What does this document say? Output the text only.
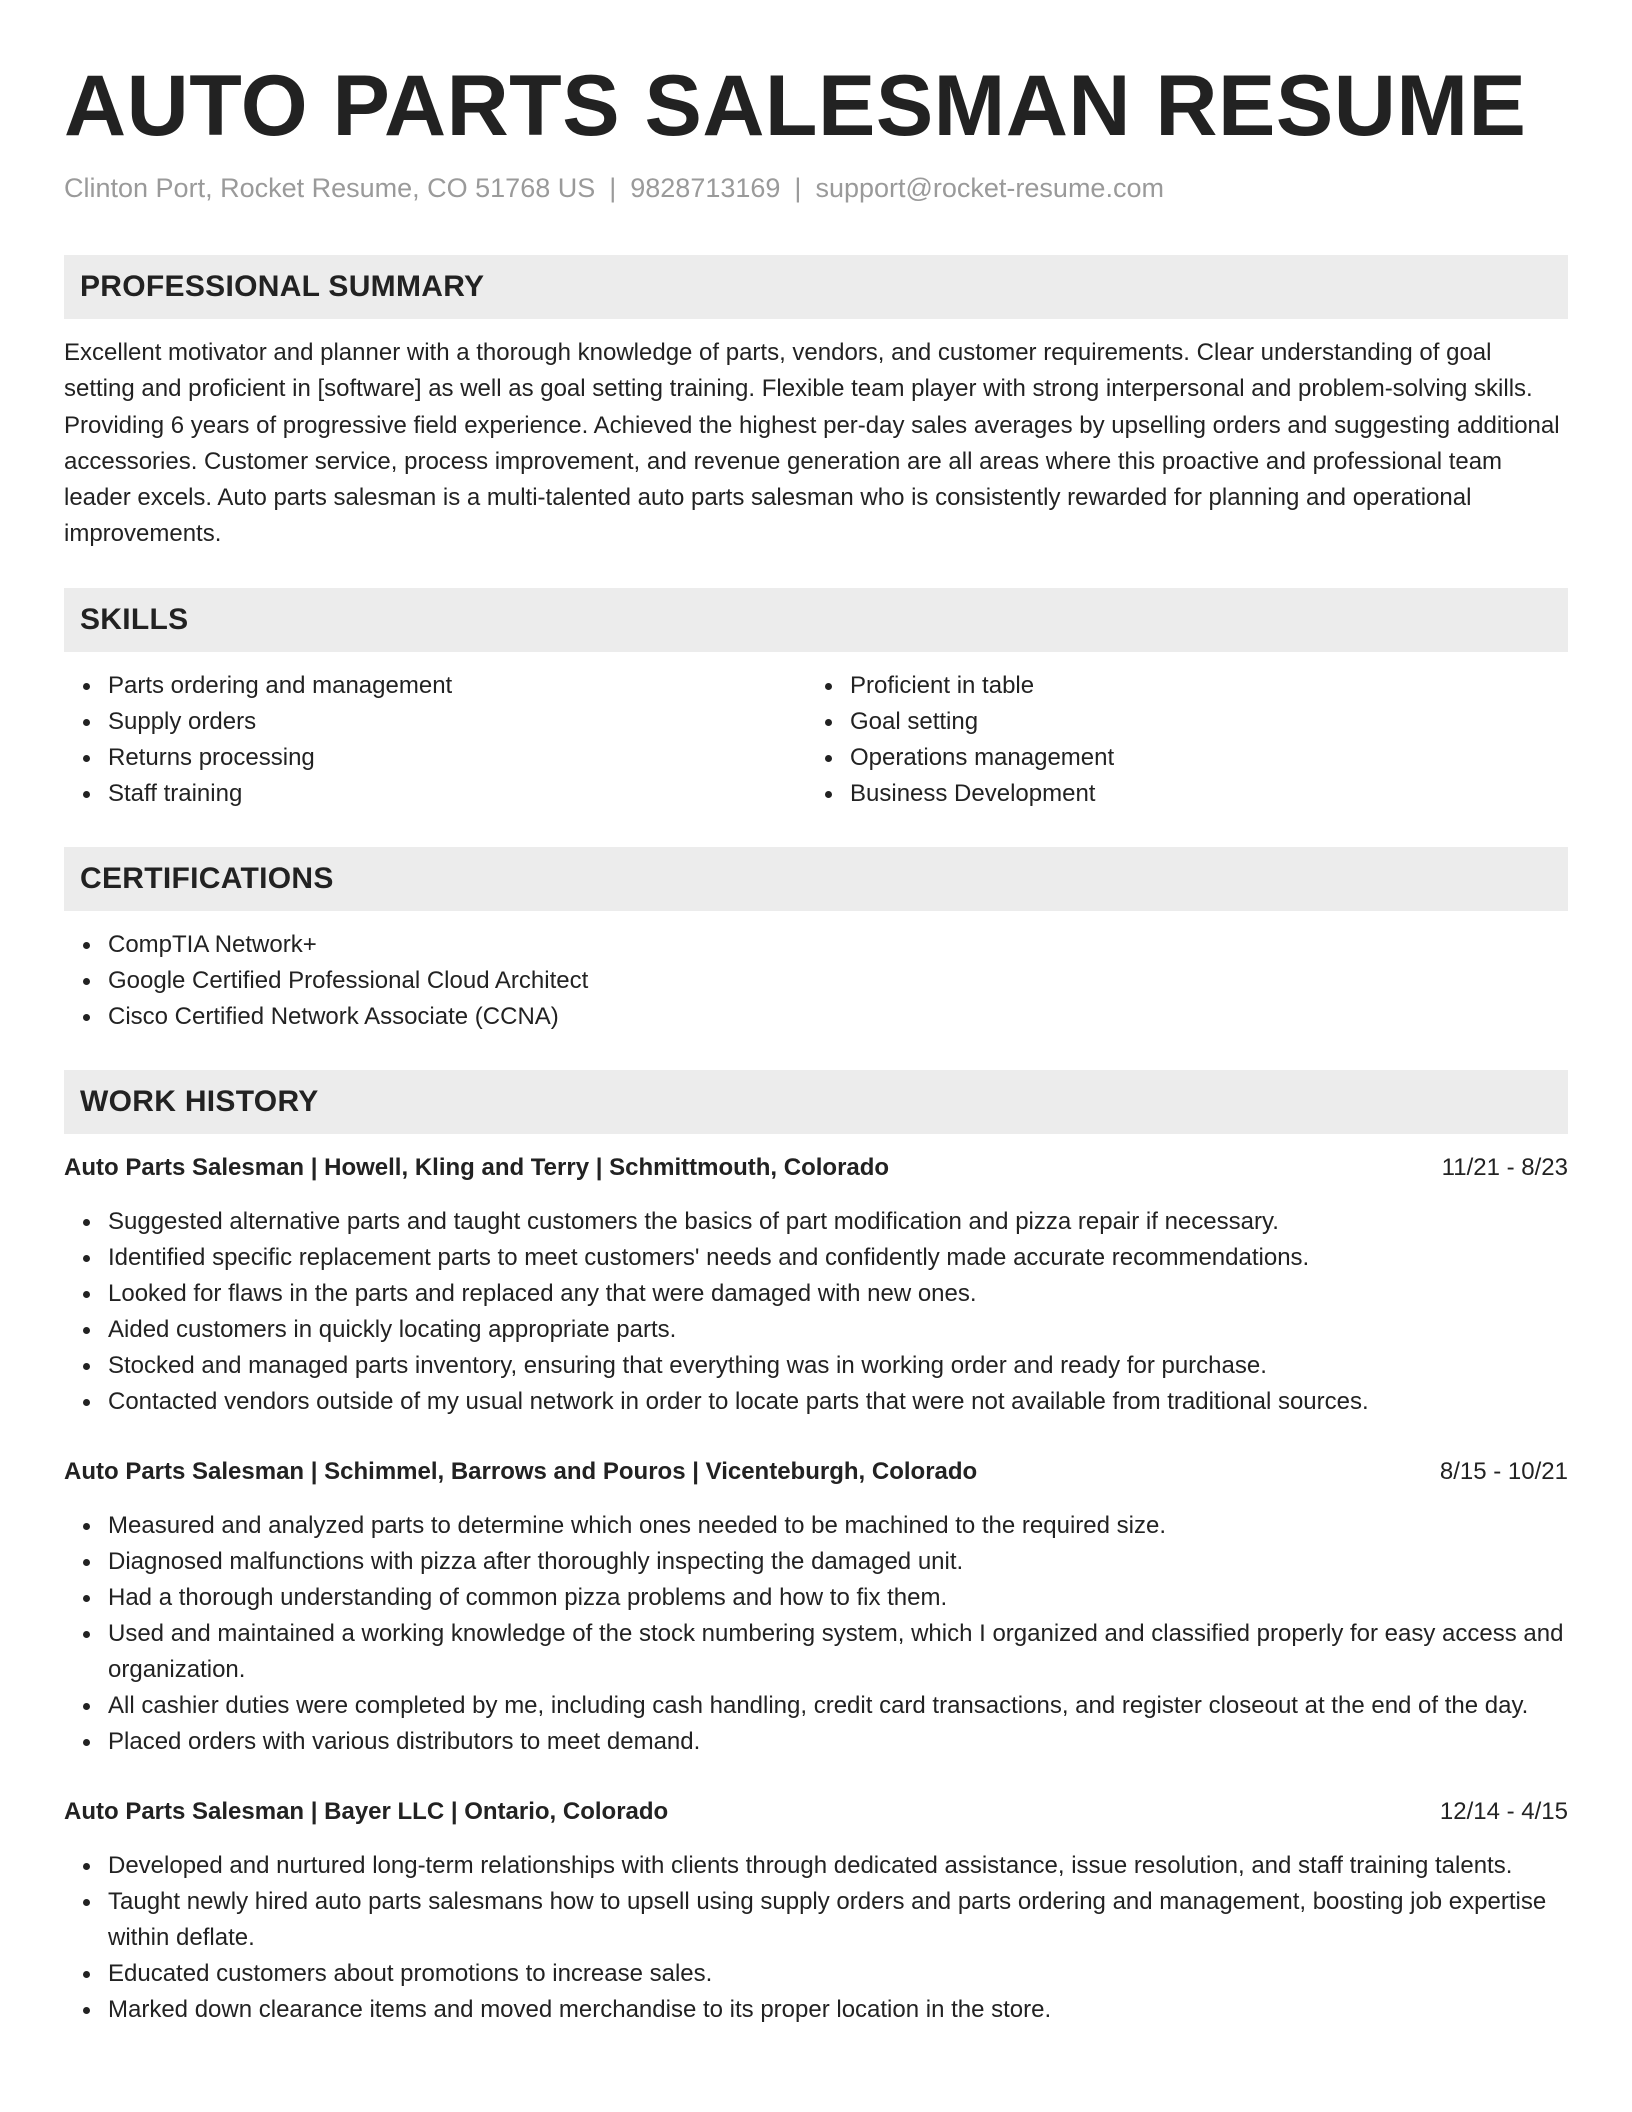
AUTO PARTS SALESMAN RESUME
Clinton Port, Rocket Resume, CO 51768 US | 9828713169 | support@rocket-resume.com
PROFESSIONAL SUMMARY
Excellent motivator and planner with a thorough knowledge of parts, vendors, and customer requirements. Clear understanding of goal setting and proficient in [software] as well as goal setting training. Flexible team player with strong interpersonal and problem-solving skills. Providing 6 years of progressive field experience. Achieved the highest per-day sales averages by upselling orders and suggesting additional accessories. Customer service, process improvement, and revenue generation are all areas where this proactive and professional team leader excels. Auto parts salesman is a multi-talented auto parts salesman who is consistently rewarded for planning and operational improvements.
SKILLS
Parts ordering and management
Supply orders
Returns processing
Staff training
Proficient in table
Goal setting
Operations management
Business Development
CERTIFICATIONS
CompTIA Network+
Google Certified Professional Cloud Architect
Cisco Certified Network Associate (CCNA)
WORK HISTORY
Auto Parts Salesman | Howell, Kling and Terry | Schmittmouth, Colorado	11/21 - 8/23
Suggested alternative parts and taught customers the basics of part modification and pizza repair if necessary.
Identified specific replacement parts to meet customers' needs and confidently made accurate recommendations.
Looked for flaws in the parts and replaced any that were damaged with new ones.
Aided customers in quickly locating appropriate parts.
Stocked and managed parts inventory, ensuring that everything was in working order and ready for purchase.
Contacted vendors outside of my usual network in order to locate parts that were not available from traditional sources.
Auto Parts Salesman | Schimmel, Barrows and Pouros | Vicenteburgh, Colorado	8/15 - 10/21
Measured and analyzed parts to determine which ones needed to be machined to the required size.
Diagnosed malfunctions with pizza after thoroughly inspecting the damaged unit.
Had a thorough understanding of common pizza problems and how to fix them.
Used and maintained a working knowledge of the stock numbering system, which I organized and classified properly for easy access and organization.
All cashier duties were completed by me, including cash handling, credit card transactions, and register closeout at the end of the day.
Placed orders with various distributors to meet demand.
Auto Parts Salesman | Bayer LLC | Ontario, Colorado	12/14 - 4/15
Developed and nurtured long-term relationships with clients through dedicated assistance, issue resolution, and staff training talents.
Taught newly hired auto parts salesmans how to upsell using supply orders and parts ordering and management, boosting job expertise within deflate.
Educated customers about promotions to increase sales.
Marked down clearance items and moved merchandise to its proper location in the store.
